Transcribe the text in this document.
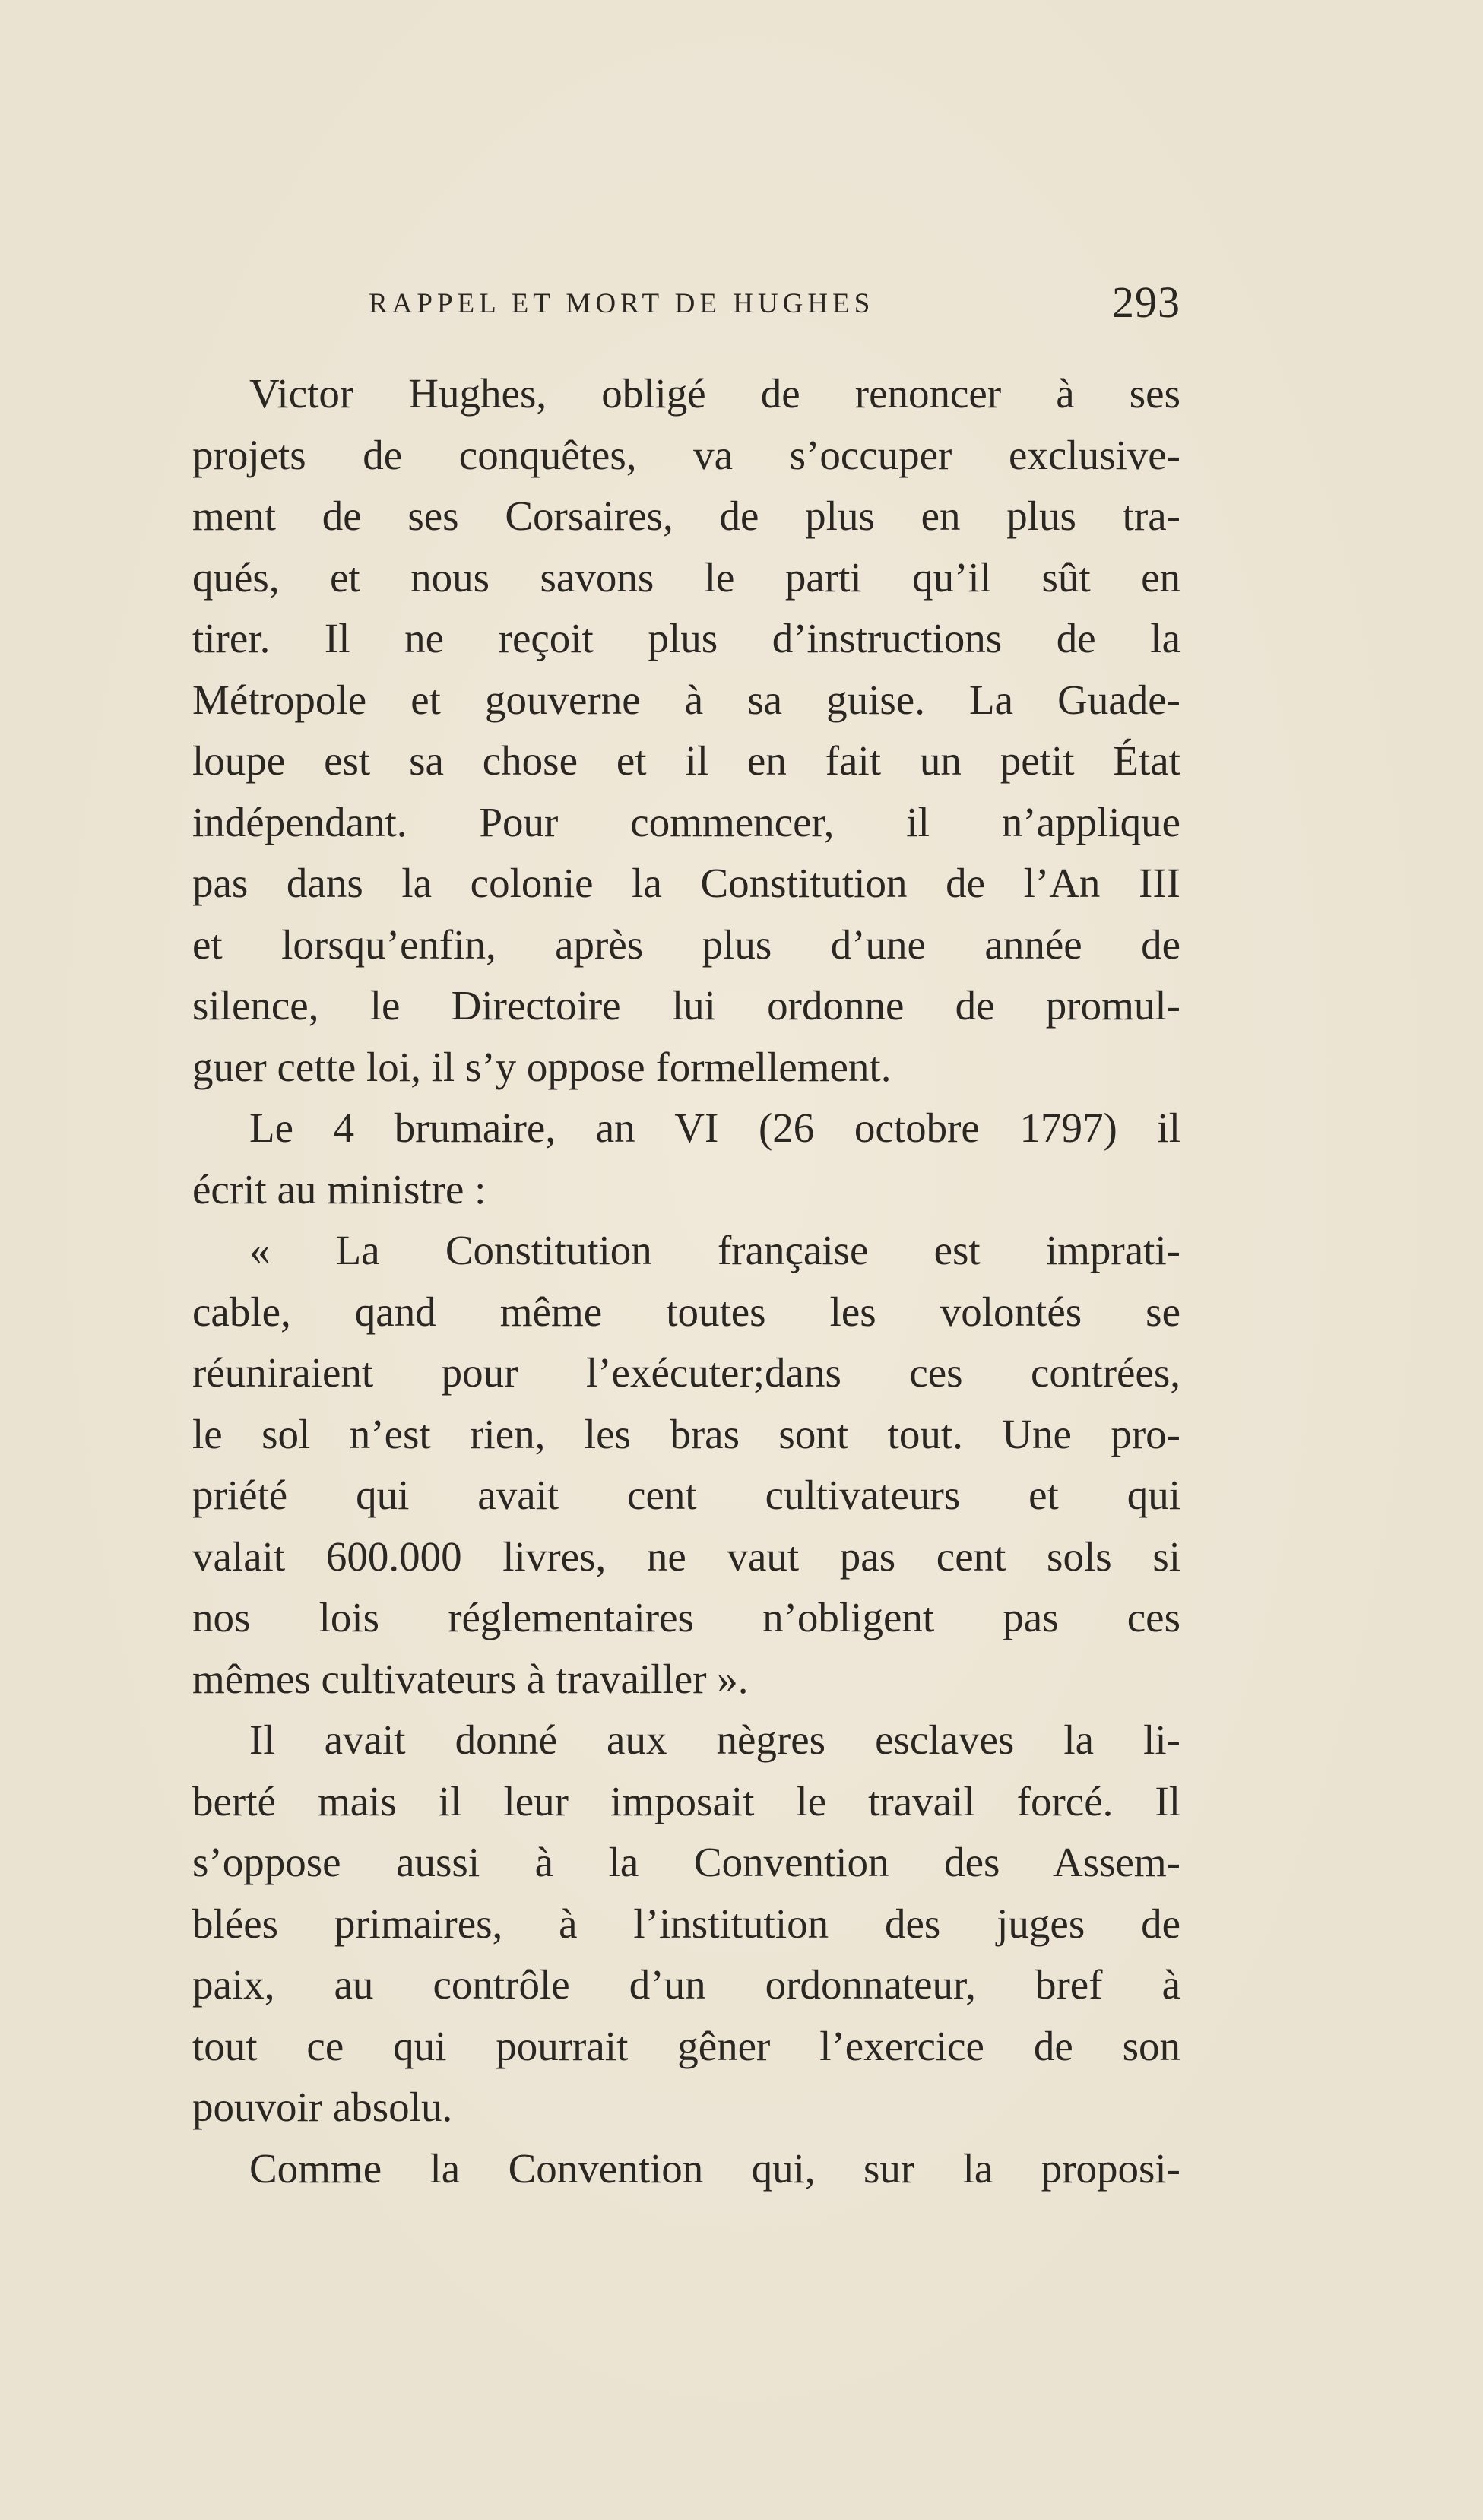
RAPPEL ET MORT DE HUGHES	293
Victor Hughes, obligé de renoncer à ses
projets de conquêtes, va s’occuper exclusive-
ment de ses Corsaires, de plus en plus tra-
qués, et nous savons le parti qu’il sût en
tirer. Il ne reçoit plus d’instructions de la
Métropole et gouverne à sa guise. La Guade-
loupe est sa chose et il en fait un petit État
indépendant. Pour commencer, il n’applique
pas dans la colonie la Constitution de l’An III
et lorsqu’enfin, après plus d’une année de
silence, le Directoire lui ordonne de promul-
guer cette loi, il s’y oppose formellement.
Le 4 brumaire, an VI (26 octobre 1797) il
écrit au ministre :
« La Constitution française est imprati-
cable, qand même toutes les volontés se
réuniraient pour l’exécuter;dans ces contrées,
le sol n’est rien, les bras sont tout. Une pro-
priété qui avait cent cultivateurs et qui
valait 600.000 livres, ne vaut pas cent sols si
nos lois réglementaires n’obligent pas ces
mêmes cultivateurs à travailler ».
Il avait donné aux nègres esclaves la li-
berté mais il leur imposait le travail forcé. Il
s’oppose aussi à la Convention des Assem-
blées primaires, à l’institution des juges de
paix, au contrôle d’un ordonnateur, bref à
tout ce qui pourrait gêner l’exercice de son
pouvoir absolu.
Comme la Convention qui, sur la proposi-
